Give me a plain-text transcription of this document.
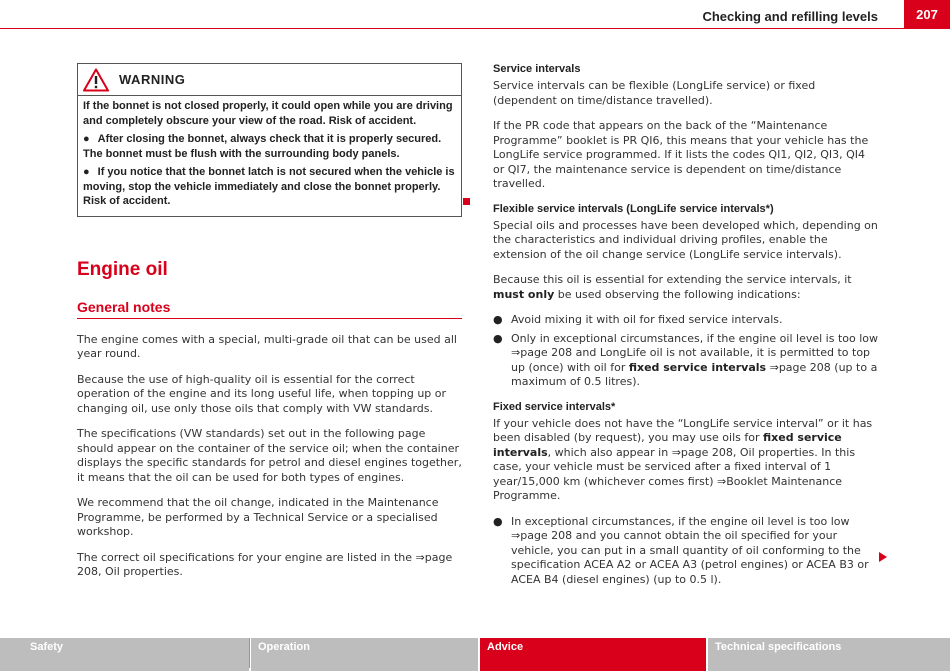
Checking and refilling levels	207
WARNING

If the bonnet is not closed properly, it could open while you are driving and completely obscure your view of the road. Risk of accident.

● After closing the bonnet, always check that it is properly secured. The bonnet must be flush with the surrounding body panels.

● If you notice that the bonnet latch is not secured when the vehicle is moving, stop the vehicle immediately and close the bonnet properly. Risk of accident.

Engine oil
General notes

The engine comes with a special, multi-grade oil that can be used all year round.

Because the use of high-quality oil is essential for the correct operation of the engine and its long useful life, when topping up or changing oil, use only those oils that comply with VW standards.

The specifications (VW standards) set out in the following page should appear on the container of the service oil; when the container displays the specific standards for petrol and diesel engines together, it means that the oil can be used for both types of engines.

We recommend that the oil change, indicated in the Maintenance Programme, be performed by a Technical Service or a specialised workshop.

The correct oil specifications for your engine are listed in the ⇒page 208, Oil properties.

Service intervals

Service intervals can be flexible (LongLife service) or fixed (dependent on time/distance travelled).

If the PR code that appears on the back of the “Maintenance Programme” booklet is PR QI6, this means that your vehicle has the LongLife service programmed. If it lists the codes QI1, QI2, QI3, QI4 or QI7, the maintenance service is dependent on time/distance travelled.

Flexible service intervals (LongLife service intervals*)

Special oils and processes have been developed which, depending on the characteristics and individual driving profiles, enable the extension of the oil change service (LongLife service intervals).

Because this oil is essential for extending the service intervals, it must only be used observing the following indications:

● Avoid mixing it with oil for fixed service intervals.

● Only in exceptional circumstances, if the engine oil level is too low ⇒page 208 and LongLife oil is not available, it is permitted to top up (once) with oil for fixed service intervals ⇒page 208 (up to a maximum of 0.5 litres).

Fixed service intervals*

If your vehicle does not have the “LongLife service interval” or it has been disabled (by request), you may use oils for fixed service intervals, which also appear in ⇒page 208, Oil properties. In this case, your vehicle must be serviced after a fixed interval of 1 year/15,000 km (whichever comes first) ⇒Booklet Maintenance Programme.

● In exceptional circumstances, if the engine oil level is too low ⇒page 208 and you cannot obtain the oil specified for your vehicle, you can put in a small quantity of oil conforming to the specification ACEA A2 or ACEA A3 (petrol engines) or ACEA B3 or ACEA B4 (diesel engines) (up to 0.5 l).

Safety	Operation	Advice	Technical specifications
